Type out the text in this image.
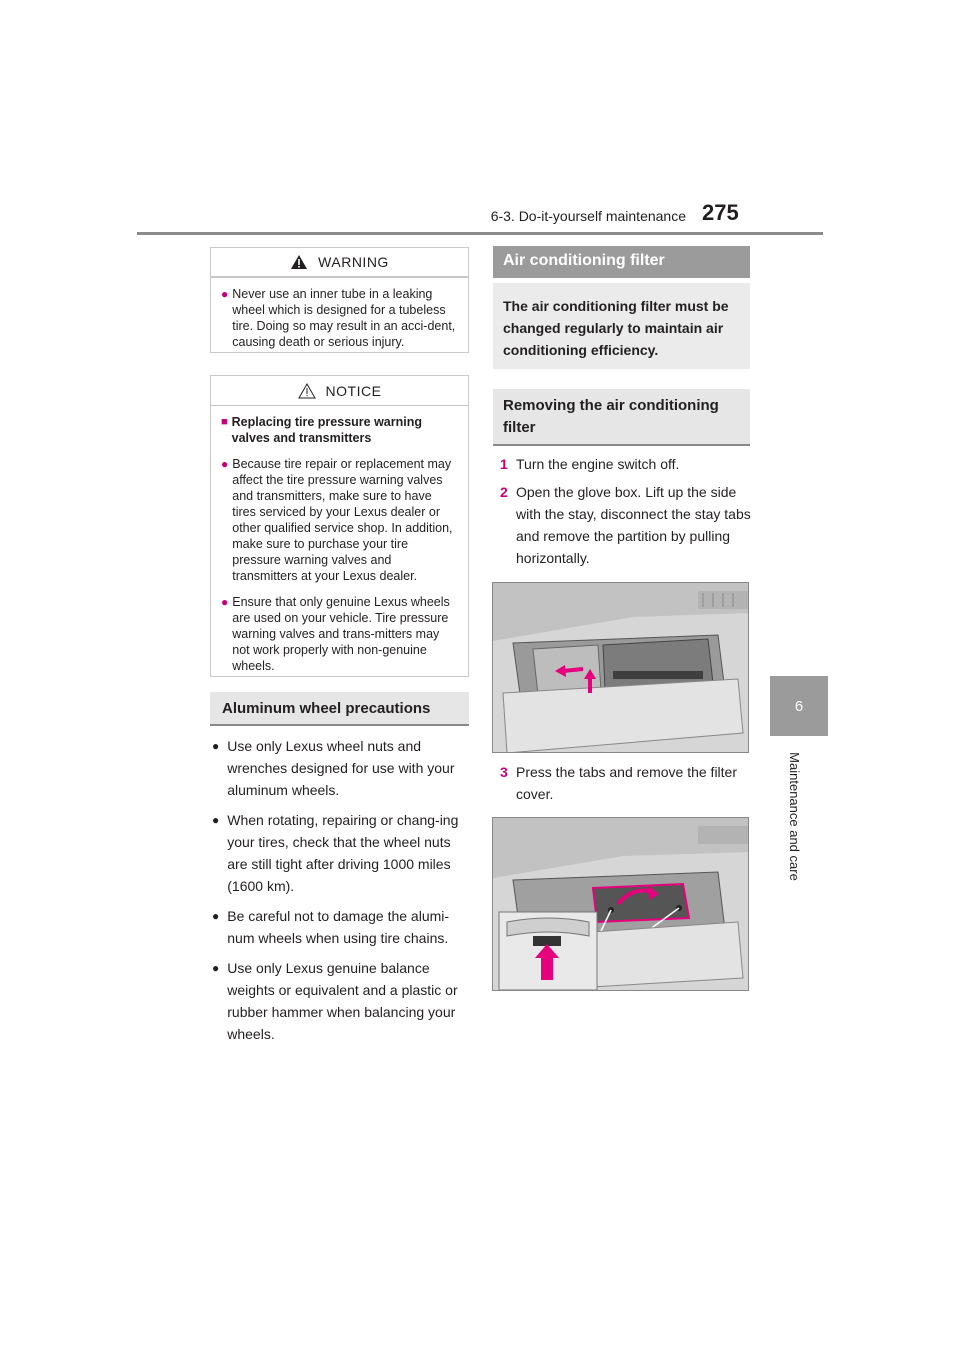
6-3. Do-it-yourself maintenance 275
6
Maintenance and care
WARNING
● Never use an inner tube in a leaking wheel which is designed for a tubeless tire. Doing so may result in an acci-dent, causing death or serious injury.
NOTICE
■ Replacing tire pressure warning valves and transmitters
● Because tire repair or replacement may affect the tire pressure warning valves and transmitters, make sure to have tires serviced by your Lexus dealer or other qualified service shop. In addition, make sure to purchase your tire pressure warning valves and transmitters at your Lexus dealer.
● Ensure that only genuine Lexus wheels are used on your vehicle. Tire pressure warning valves and trans-mitters may not work properly with non-genuine wheels.
Aluminum wheel precautions
● Use only Lexus wheel nuts and wrenches designed for use with your aluminum wheels.
● When rotating, repairing or chang-ing your tires, check that the wheel nuts are still tight after driving 1000 miles (1600 km).
● Be careful not to damage the alumi-num wheels when using tire chains.
● Use only Lexus genuine balance weights or equivalent and a plastic or rubber hammer when balancing your wheels.
Air conditioning filter
The air conditioning filter must be changed regularly to maintain air conditioning efficiency.
Removing the air conditioning filter
1 Turn the engine switch off.
2 Open the glove box. Lift up the side with the stay, disconnect the stay tabs and remove the partition by pulling horizontally.
3 Press the tabs and remove the filter cover.
